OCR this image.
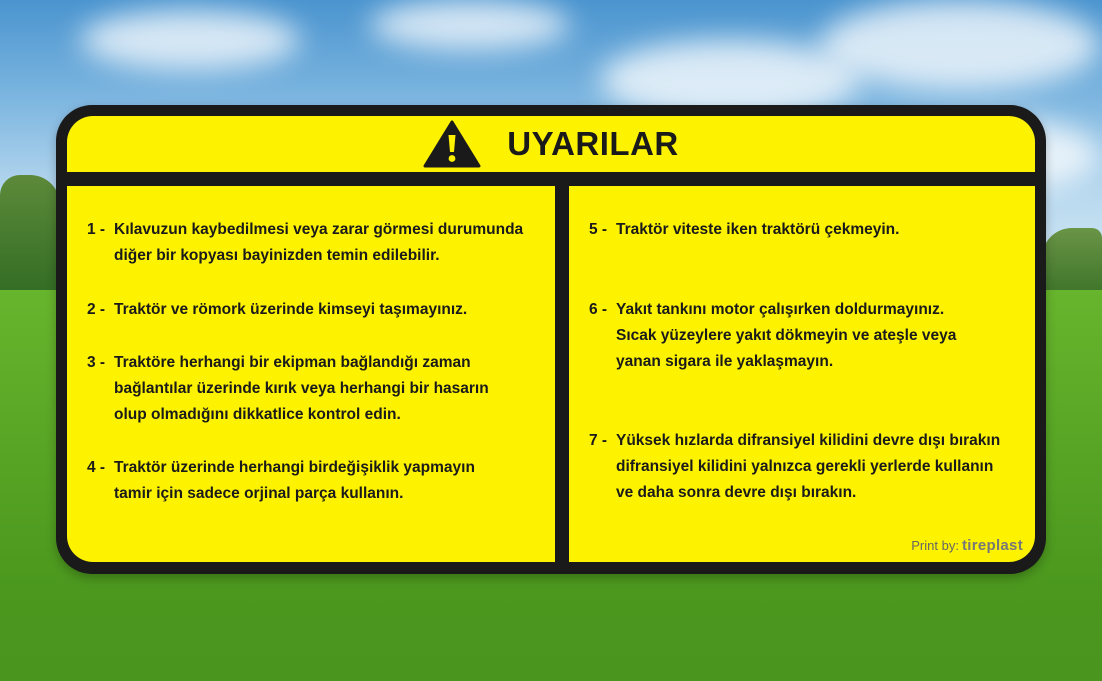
UYARILAR
1 - Kılavuzun kaybedilmesi veya zarar görmesi durumunda
diğer bir kopyası bayinizden temin edilebilir.
2 - Traktör ve römork üzerinde kimseyi taşımayınız.
3 - Traktöre herhangi bir ekipman bağlandığı zaman
bağlantılar üzerinde kırık veya herhangi bir hasarın
olup olmadığını dikkatlice kontrol edin.
4 - Traktör üzerinde herhangi birdeğişiklik yapmayın
tamir için sadece orjinal parça kullanın.
5 - Traktör viteste iken traktörü çekmeyin.
6 - Yakıt tankını motor çalışırken doldurmayınız.
Sıcak yüzeylere yakıt dökmeyin ve ateşle veya
yanan sigara ile yaklaşmayın.
7 - Yüksek hızlarda difransiyel kilidini devre dışı bırakın
difransiyel kilidini yalnızca gerekli yerlerde kullanın
ve daha sonra devre dışı bırakın.
Print by: tireplast
